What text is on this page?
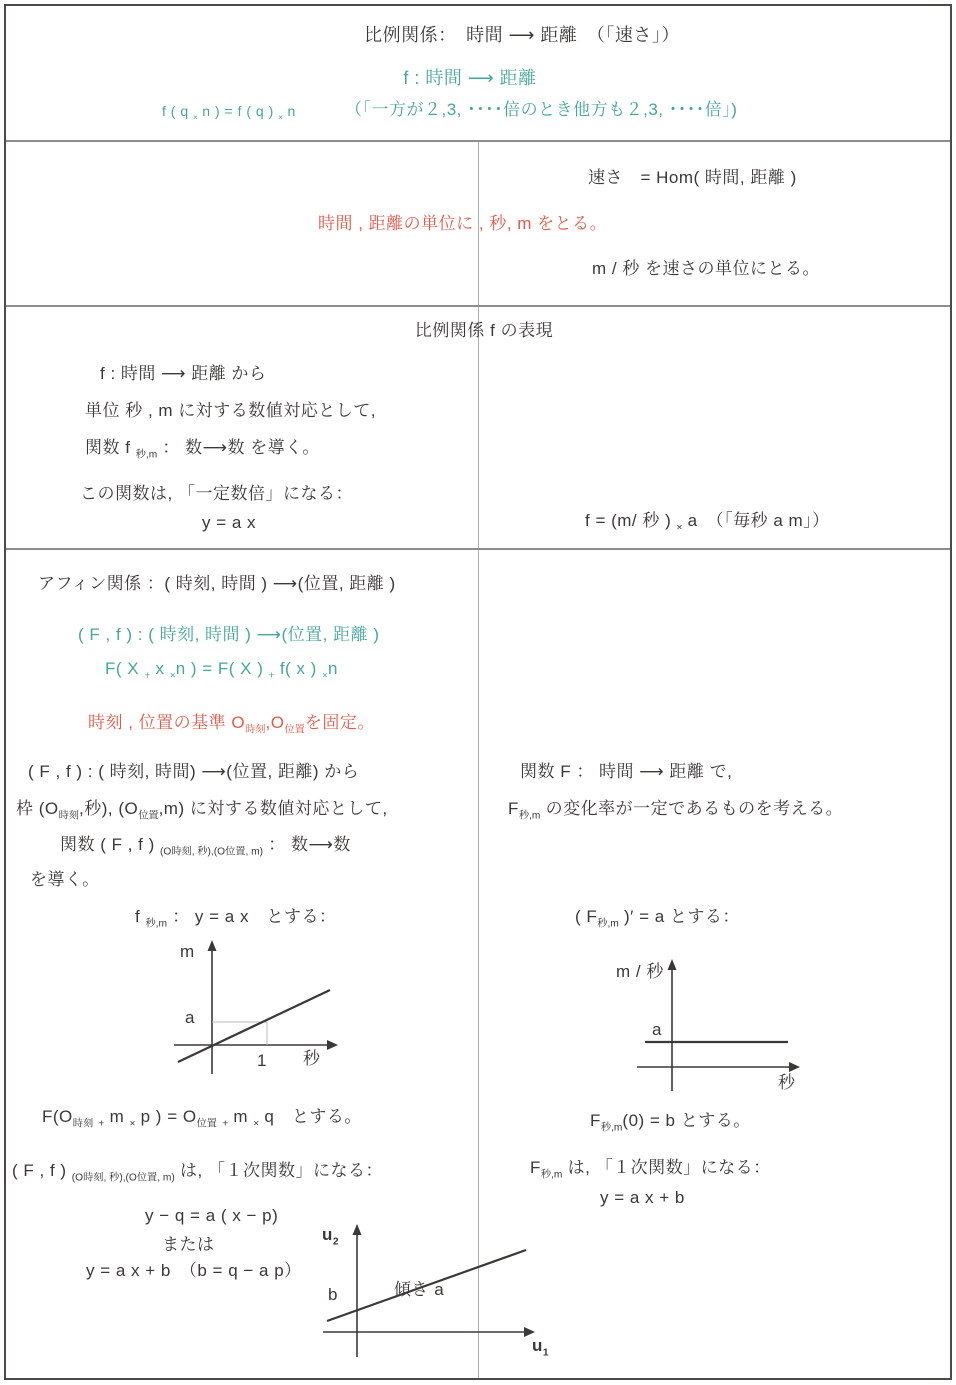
比例関係：　時間 ⟶ 距離　（「速さ」）
f : 時間 ⟶ 距離
f ( q $_\times$ n ) = f ( q ) $_\times$ n	（「一方が２,3, ････倍のとき他方も２,3, ････倍」)
速さ　= Hom( 時間, 距離 )
時間 , 距離の単位に , 秒, m をとる。
m / 秒 を速さの単位にとる。
比例関係 f の表現
f : 時間 ⟶ 距離 から
単位 秒 , m に対する数値対応として,
関数 f $_{秒,m}$ ： 数⟶数 を導く。
この関数は, 「一定数倍」になる：
y = a x	f = (m/ 秒 ) $_\times$ a　（「毎秒 a m」）
アフィン関係 ：( 時刻, 時間 ) ⟶(位置, 距離 )
( F , f ) : ( 時刻, 時間 ) ⟶(位置, 距離 )
F( X $_+$ x $_\times$n ) = F( X ) $_+$ f( x ) $_\times$n
時刻 , 位置の基準 $O_{時刻},O_{位置}$を固定。
( F , f ) : ( 時刻, 時間) ⟶(位置, 距離) から
枠 ($O_{時刻}$,秒), $(O_{位置},m)$ に対する数値対応として,
関数 ( F , f ) $_{(O時刻, 秒),(O位置, m)}$ ： 数⟶数
を導く。
f $_{秒,m}$ ： y = a x　とする：
m
a
1 秒
$F(O_{時刻}$ $_+$ m $_\times$ p ) = $O_{位置}$ $_+$ m $_\times$ q　とする。
( F , f ) $_{(O時刻, 秒),(O位置, m)}$ は, 「１次関数」になる：
y − q = a ( x − p)
または
y = a x + b　（b = q − a p）
関数 F ： 時間 ⟶ 距離 で,
$F_{秒,m}$ の変化率が一定であるものを考える。
( $F_{秒,m}$ )′ = a とする：
m / 秒
a
秒
$F_{秒,m}(0) = b$ とする。
$F_{秒,m}$ は, 「１次関数」になる：
y = a x + b
$u_2$
b	傾き a
$u_1$
